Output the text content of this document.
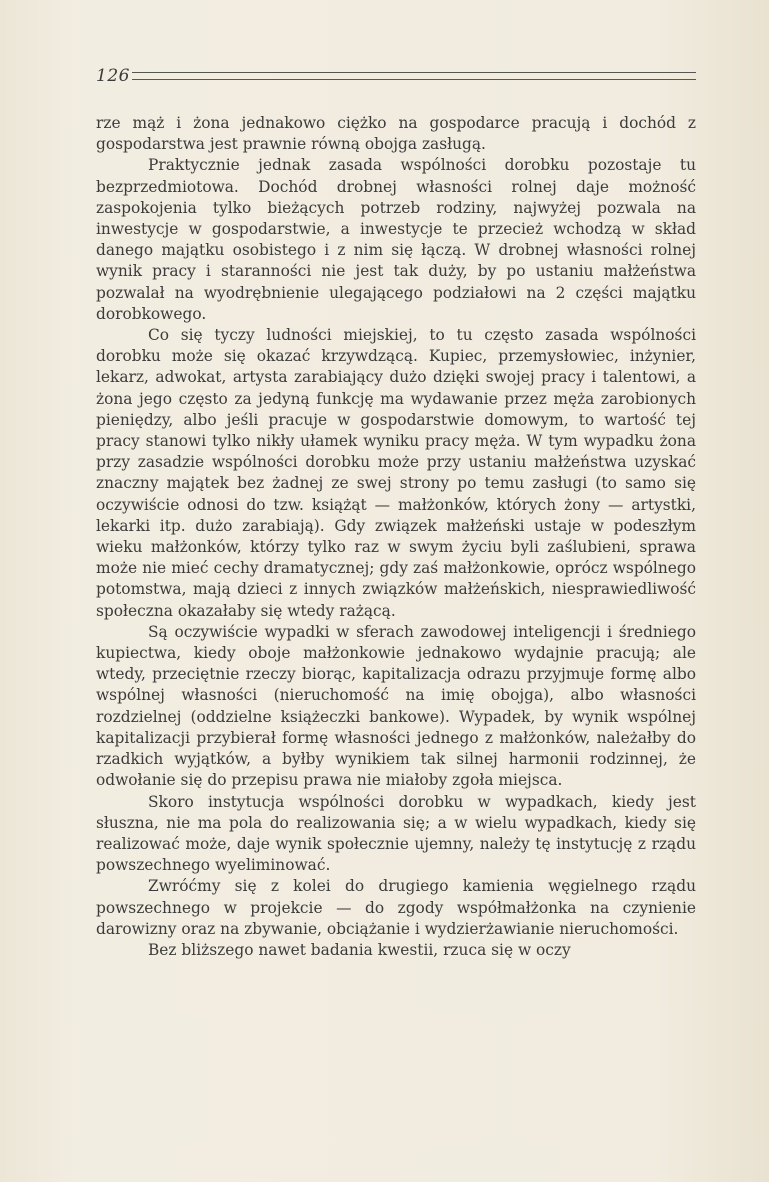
126

rze mąż i żona jednakowo ciężko na gospodarce pracują i dochód z gospodarstwa jest prawnie równą obojga zasługą.

Praktycznie jednak zasada wspólności dorobku pozostaje tu bezprzedmiotowa. Dochód drobnej własności rolnej daje możność zaspokojenia tylko bieżących potrzeb rodziny, najwyżej pozwala na inwestycje w gospodarstwie, a inwestycje te przecież wchodzą w skład danego majątku osobistego i z nim się łączą. W drobnej własności rolnej wynik pracy i staranności nie jest tak duży, by po ustaniu małżeństwa pozwalał na wyodrębnienie ulegającego podziałowi na 2 części majątku dorobkowego.

Co się tyczy ludności miejskiej, to tu często zasada wspólności dorobku może się okazać krzywdzącą. Kupiec, przemysłowiec, inżynier, lekarz, adwokat, artysta zarabiający dużo dzięki swojej pracy i talentowi, a żona jego często za jedyną funkcję ma wydawanie przez męża zarobionych pieniędzy, albo jeśli pracuje w gospodarstwie domowym, to wartość tej pracy stanowi tylko nikły ułamek wyniku pracy męża. W tym wypadku żona przy zasadzie wspólności dorobku może przy ustaniu małżeństwa uzyskać znaczny majątek bez żadnej ze swej strony po temu zasługi (to samo się oczywiście odnosi do tzw. książąt — małżonków, których żony — artystki, lekarki itp. dużo zarabiają). Gdy związek małżeński ustaje w podeszłym wieku małżonków, którzy tylko raz w swym życiu byli zaślubieni, sprawa może nie mieć cechy dramatycznej; gdy zaś małżonkowie, oprócz wspólnego potomstwa, mają dzieci z innych związków małżeńskich, niesprawiedliwość społeczna okazałaby się wtedy rażącą.

Są oczywiście wypadki w sferach zawodowej inteligencji i średniego kupiectwa, kiedy oboje małżonkowie jednakowo wydajnie pracują; ale wtedy, przeciętnie rzeczy biorąc, kapitalizacja odrazu przyjmuje formę albo wspólnej własności (nieruchomość na imię obojga), albo własności rozdzielnej (oddzielne książeczki bankowe). Wypadek, by wynik wspólnej kapitalizacji przybierał formę własności jednego z małżonków, należałby do rzadkich wyjątków, a byłby wynikiem tak silnej harmonii rodzinnej, że odwołanie się do przepisu prawa nie miałoby zgoła miejsca.

Skoro instytucja wspólności dorobku w wypadkach, kiedy jest słuszna, nie ma pola do realizowania się; a w wielu wypadkach, kiedy się realizować może, daje wynik społecznie ujemny, należy tę instytucję z rządu powszechnego wyeliminować.

Zwróćmy się z kolei do drugiego kamienia węgielnego rządu powszechnego w projekcie — do zgody współmałżonka na czynienie darowizny oraz na zbywanie, obciążanie i wydzierżawianie nieruchomości.

Bez bliższego nawet badania kwestii, rzuca się w oczy
